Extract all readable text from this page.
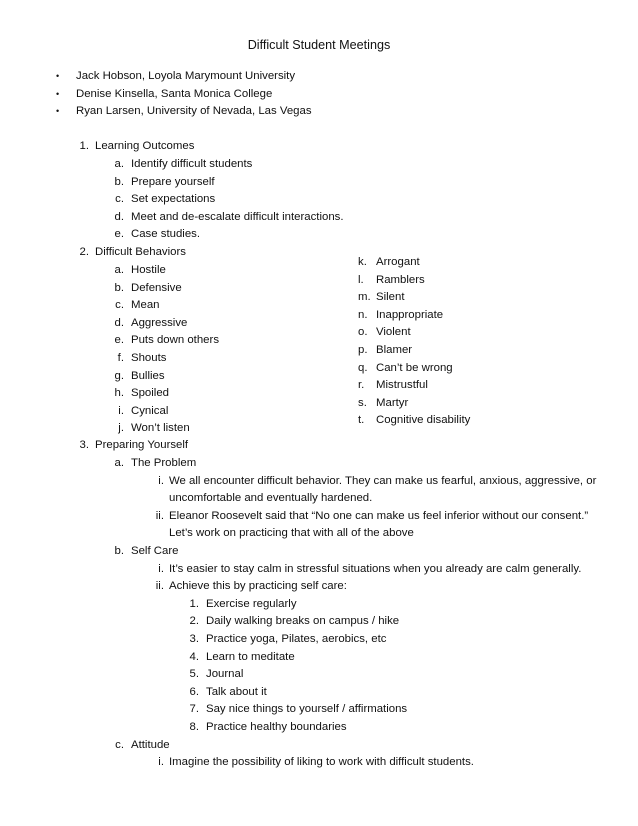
Difficult Student Meetings
• Jack Hobson, Loyola Marymount University
• Denise Kinsella, Santa Monica College
• Ryan Larsen, University of Nevada, Las Vegas
1. Learning Outcomes
a. Identify difficult students
b. Prepare yourself
c. Set expectations
d. Meet and de-escalate difficult interactions.
e. Case studies.
2. Difficult Behaviors
a. Hostile
b. Defensive
c. Mean
d. Aggressive
e. Puts down others
f. Shouts
g. Bullies
h. Spoiled
i. Cynical
j. Won’t listen
k. Arrogant
l. Ramblers
m. Silent
n. Inappropriate
o. Violent
p. Blamer
q. Can’t be wrong
r. Mistrustful
s. Martyr
t. Cognitive disability
3. Preparing Yourself
a. The Problem
i. We all encounter difficult behavior. They can make us fearful, anxious, aggressive, or
uncomfortable and eventually hardened.
ii. Eleanor Roosevelt said that “No one can make us feel inferior without our consent.”
Let’s work on practicing that with all of the above
b. Self Care
i. It’s easier to stay calm in stressful situations when you already are calm generally.
ii. Achieve this by practicing self care:
1. Exercise regularly
2. Daily walking breaks on campus / hike
3. Practice yoga, Pilates, aerobics, etc
4. Learn to meditate
5. Journal
6. Talk about it
7. Say nice things to yourself / affirmations
8. Practice healthy boundaries
c. Attitude
i. Imagine the possibility of liking to work with difficult students.
